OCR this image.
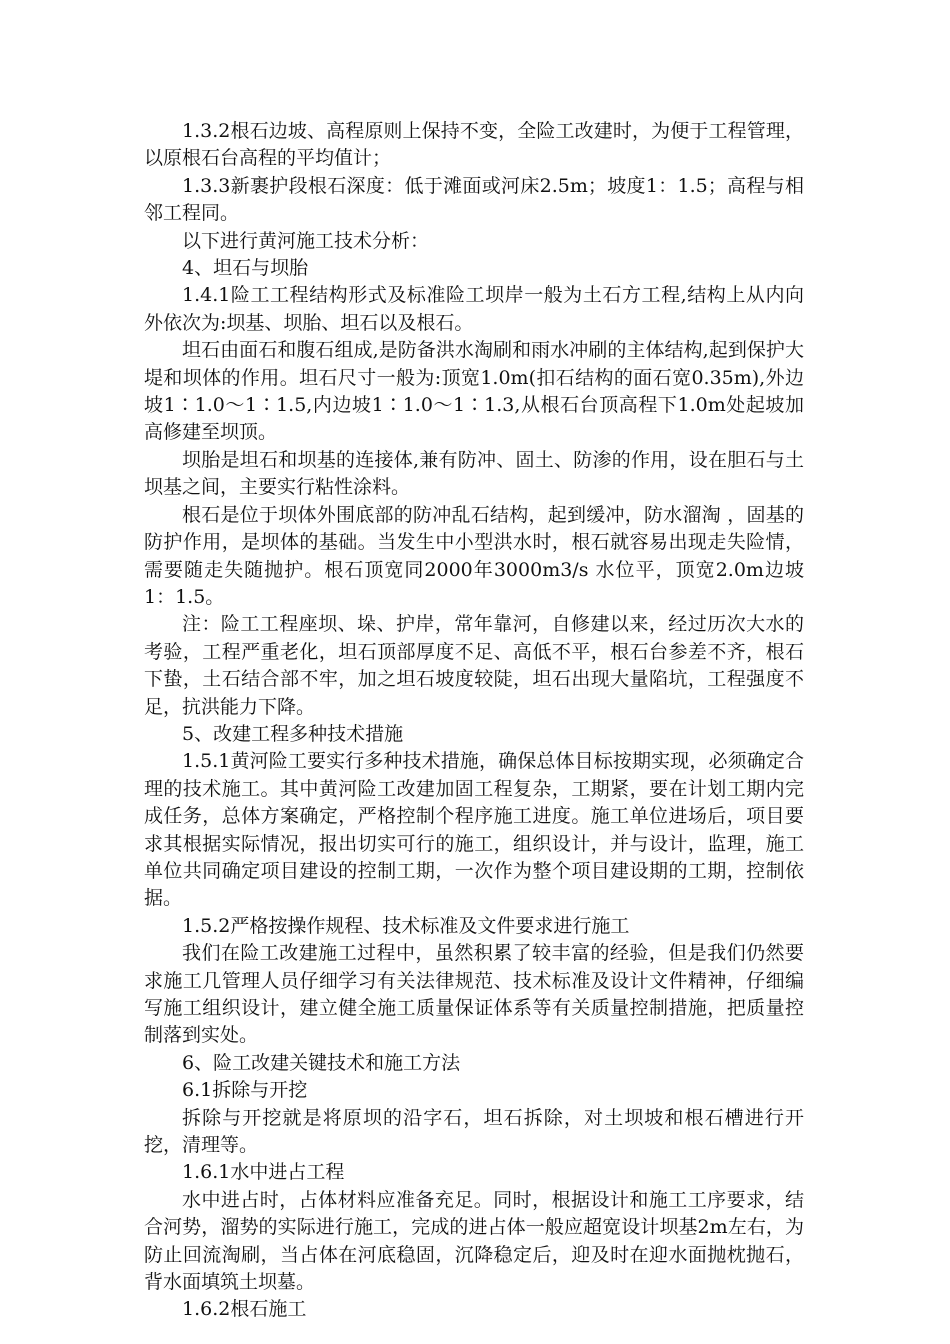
1.3.2根石边坡、高程原则上保持不变，全险工改建时，为便于工程管理，以原根石台高程的平均值计；

1.3.3新裹护段根石深度：低于滩面或河床2.5m；坡度1：1.5；高程与相邻工程同。

以下进行黄河施工技术分析：

4、坦石与坝胎

1.4.1险工工程结构形式及标准险工坝岸一般为土石方工程,结构上从内向外依次为:坝基、坝胎、坦石以及根石。

坦石由面石和腹石组成,是防备洪水淘刷和雨水冲刷的主体结构,起到保护大堤和坝体的作用。坦石尺寸一般为:顶宽1.0m(扣石结构的面石宽0.35m),外边坡1∶1.0～1∶1.5,内边坡1∶1.0～1∶1.3,从根石台顶高程下1.0m处起坡加高修建至坝顶。

坝胎是坦石和坝基的连接体,兼有防冲、固土、防渗的作用，设在胆石与土坝基之间，主要实行粘性涂料。

根石是位于坝体外围底部的防冲乱石结构，起到缓冲，防水溜淘 ，固基的防护作用，是坝体的基础。当发生中小型洪水时，根石就容易出现走失险情，需要随走失随抛护。根石顶宽同2000年3000m3/s 水位平，顶宽2.0m边坡1：1.5。

注：险工工程座坝、垛、护岸，常年靠河，自修建以来，经过历次大水的考验，工程严重老化，坦石顶部厚度不足、高低不平，根石台参差不齐，根石下蛰，土石结合部不牢，加之坦石坡度较陡，坦石出现大量陷坑，工程强度不足，抗洪能力下降。

5、改建工程多种技术措施

1.5.1黄河险工要实行多种技术措施，确保总体目标按期实现，必须确定合理的技术施工。其中黄河险工改建加固工程复杂，工期紧，要在计划工期内完成任务，总体方案确定，严格控制个程序施工进度。施工单位进场后，项目要求其根据实际情况，报出切实可行的施工，组织设计，并与设计，监理，施工单位共同确定项目建设的控制工期，一次作为整个项目建设期的工期，控制依据。

1.5.2严格按操作规程、技术标准及文件要求进行施工

我们在险工改建施工过程中，虽然积累了较丰富的经验，但是我们仍然要求施工几管理人员仔细学习有关法律规范、技术标准及设计文件精神，仔细编写施工组织设计，建立健全施工质量保证体系等有关质量控制措施，把质量控制落到实处。

6、险工改建关键技术和施工方法

6.1拆除与开挖

拆除与开挖就是将原坝的沿字石，坦石拆除，对土坝坡和根石槽进行开挖，清理等。

1.6.1水中进占工程

水中进占时，占体材料应准备充足。同时，根据设计和施工工序要求，结合河势，溜势的实际进行施工，完成的进占体一般应超宽设计坝基2m左右，为防止回流淘刷，当占体在河底稳固，沉降稳定后，迎及时在迎水面抛枕抛石，背水面填筑土坝墓。

1.6.2根石施工
